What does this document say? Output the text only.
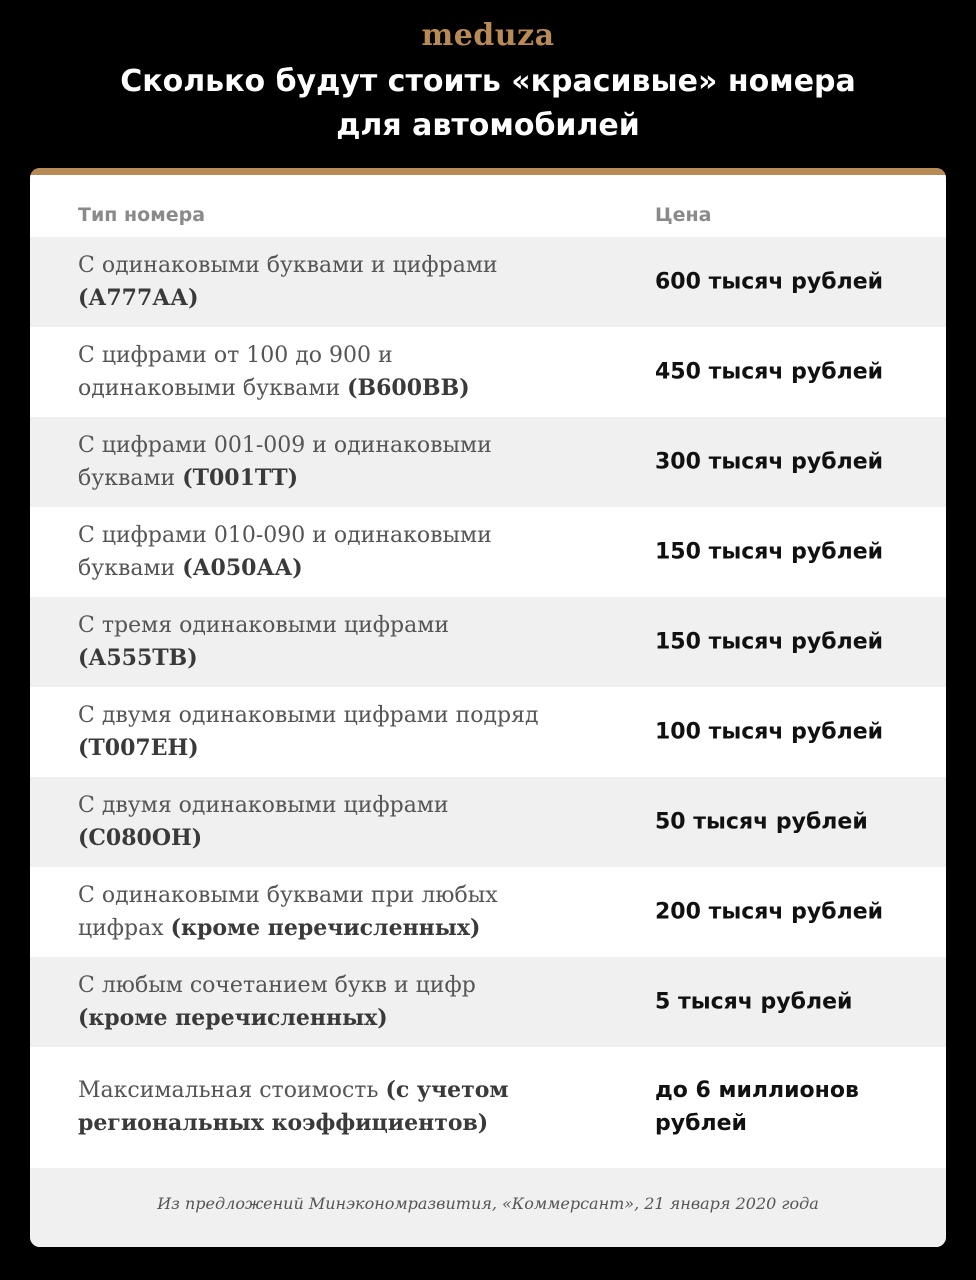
meduza
Сколько будут стоить «красивые» номера
для автомобилей
Тип номера	Цена
С одинаковыми буквами и цифрами (А777АА)
600 тысяч рублей
С цифрами от 100 до 900 и одинаковыми буквами (В600ВВ)
450 тысяч рублей
С цифрами 001-009 и одинаковыми буквами (Т001ТТ)
300 тысяч рублей
С цифрами 010-090 и одинаковыми буквами (А050АА)
150 тысяч рублей
С тремя одинаковыми цифрами (А555ТВ)
150 тысяч рублей
С двумя одинаковыми цифрами подряд (Т007ЕН)
100 тысяч рублей
С двумя одинаковыми цифрами (С080ОН)
50 тысяч рублей
С одинаковыми буквами при любых цифрах (кроме перечисленных)
200 тысяч рублей
С любым сочетанием букв и цифр (кроме перечисленных)
5 тысяч рублей
Максимальная стоимость (с учетом региональных коэффициентов)
до 6 миллионов рублей
Из предложений Минэкономразвития, «Коммерсант», 21 января 2020 года
